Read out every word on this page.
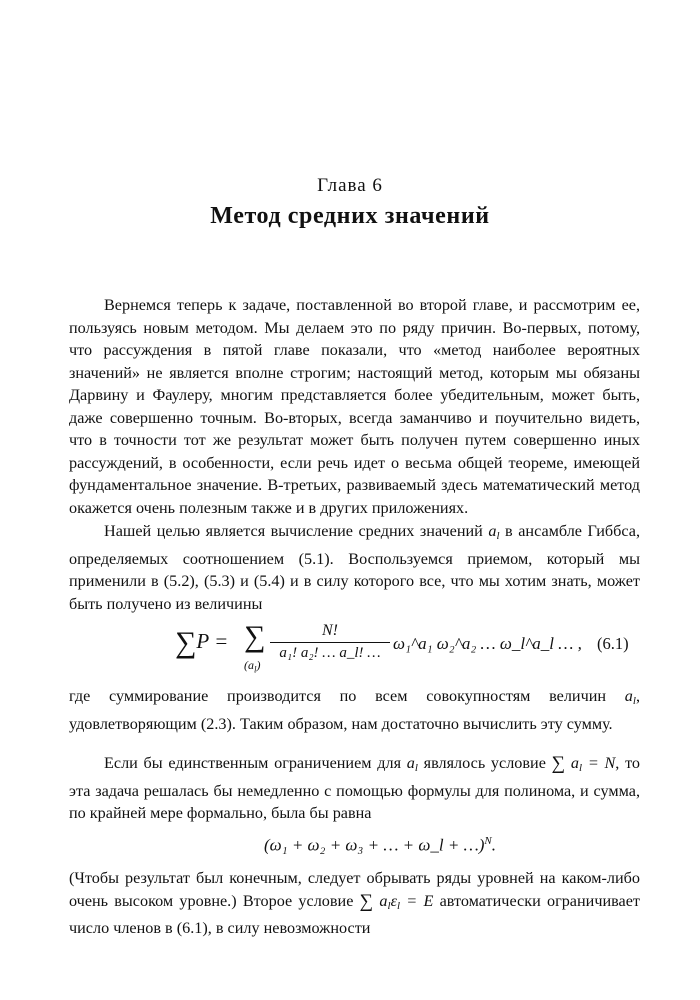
Глава 6
Метод средних значений

Вернемся теперь к задаче, поставленной во второй главе, и рассмотрим ее, пользуясь новым методом. Мы делаем это по ряду причин. Во-первых, потому, что рассуждения в пятой главе показали, что «метод наиболее вероятных значений» не является вполне строгим; настоящий метод, которым мы обязаны Дарвину и Фаулеру, многим представляется более убедительным, может быть, даже совершенно точным. Во-вторых, всегда заманчиво и поучительно видеть, что в точности тот же результат может быть получен путем совершенно иных рассуждений, в особенности, если речь идет о весьма общей теореме, имеющей фундаментальное значение. В-третьих, развиваемый здесь математический метод окажется очень полезным также и в других приложениях.

Нашей целью является вычисление средних значений $a_l$ в ансамбле Гиббса, определяемых соотношением (5.1). Воспользуемся приемом, который мы применили в (5.2), (5.3) и (5.4) и в силу которого все, что мы хотим знать, может быть получено из величины

∑P = ∑
$(a_l)$
$\frac{N!}{\text{a₁! a₂! … a\_l! …}}$ ω₁^a₁ ω₂^a₂ … ω_l^a_l … , (6.1)

где суммирование производится по всем совокупностям величин $a_l$, удовлетворяющим (2.3). Таким образом, нам достаточно вычислить эту сумму.

Если бы единственным ограничением для $a_l$ являлось условие ∑ $a_l = N$, то эта задача решалась бы немедленно с помощью формулы для полинома, и сумма, по крайней мере формально, была бы равна

(ω₁ + ω₂ + ω₃ + … + ω_l + …)$^N$.

(Чтобы результат был конечным, следует обрывать ряды уровней на каком-либо очень высоком уровне.) Второе условие ∑ $a_l\varepsilon_l = E$ автоматически ограничивает число членов в (6.1), в силу невозможности
